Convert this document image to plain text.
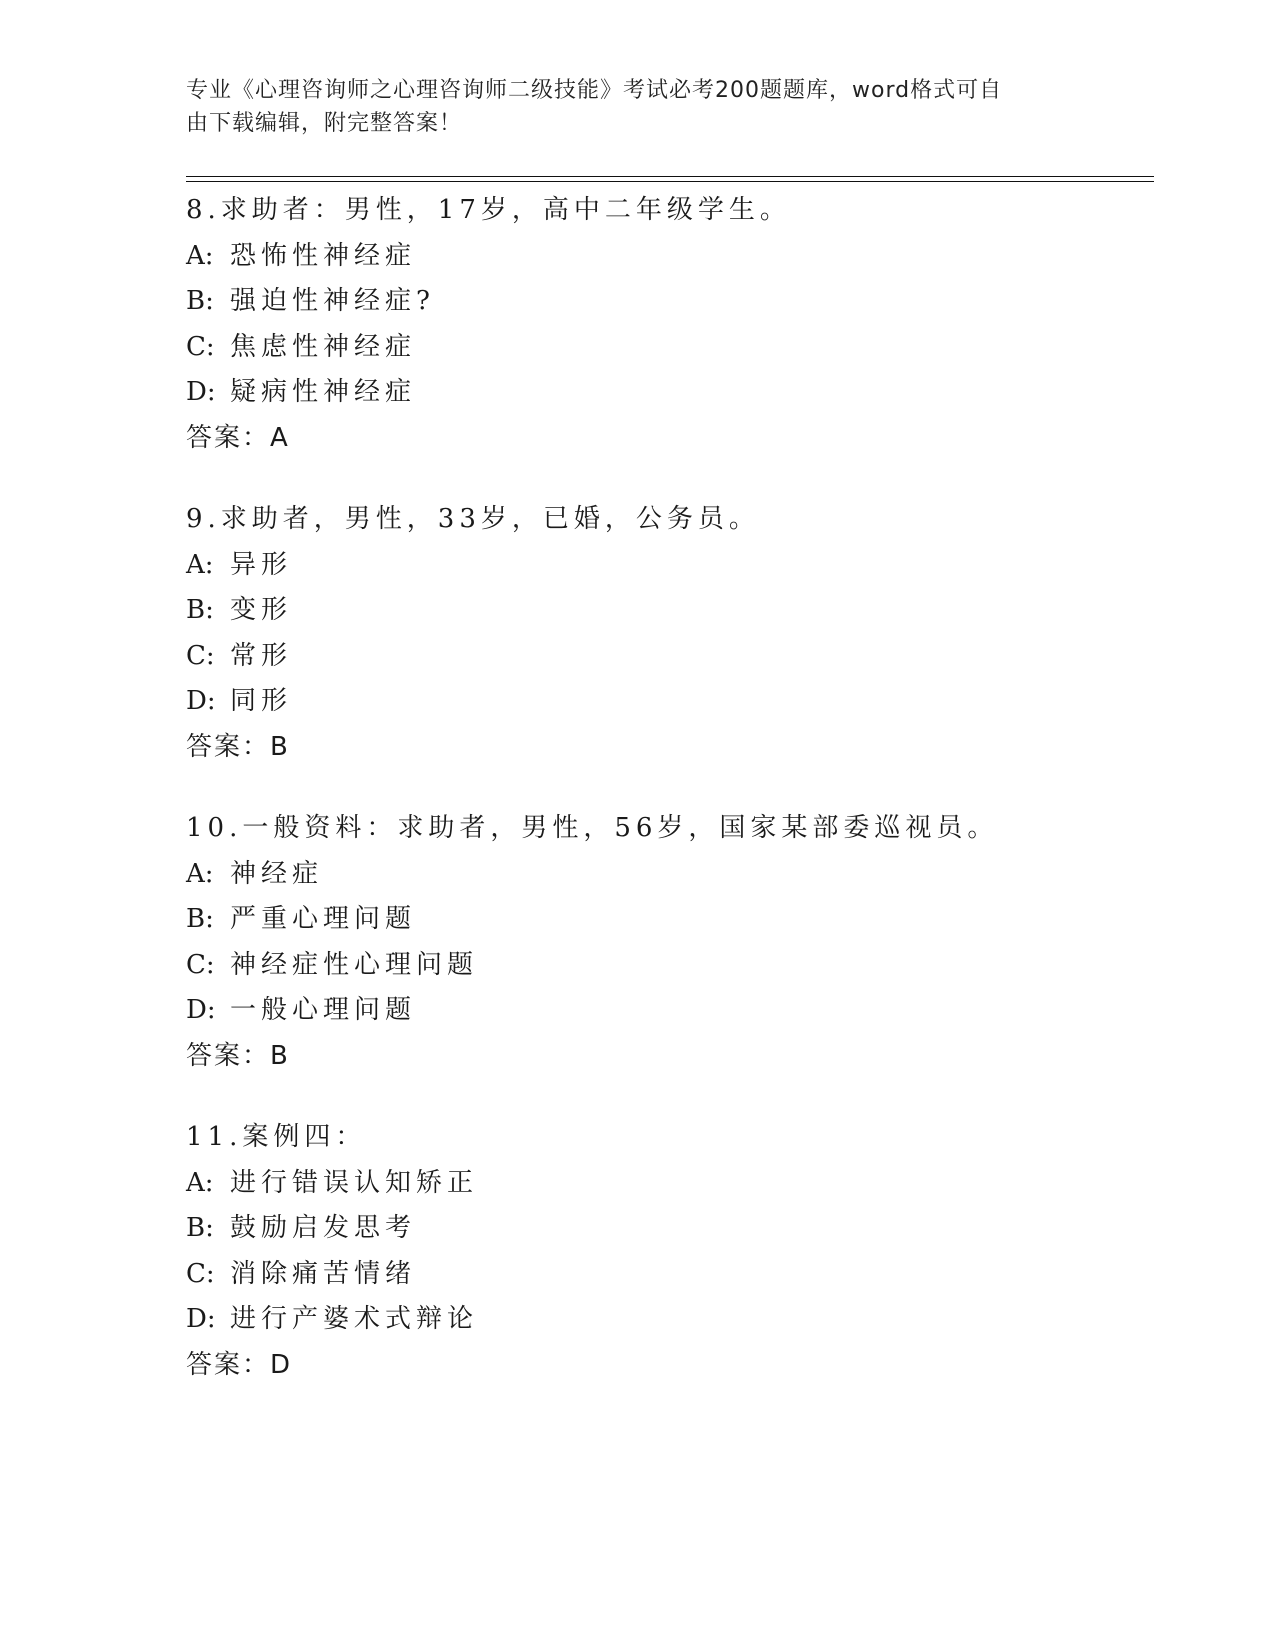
专业《心理咨询师之心理咨询师二级技能》考试必考200题题库，word格式可自
由下载编辑，附完整答案！
8.求助者：男性，17岁，高中二年级学生。
A: 恐怖性神经症
B: 强迫性神经症?
C: 焦虑性神经症
D: 疑病性神经症
答案：A
9.求助者，男性，33岁，已婚，公务员。
A: 异形
B: 变形
C: 常形
D: 同形
答案：B
10.一般资料：求助者，男性，56岁，国家某部委巡视员。
A: 神经症
B: 严重心理问题
C: 神经症性心理问题
D: 一般心理问题
答案：B
11.案例四：
A: 进行错误认知矫正
B: 鼓励启发思考
C: 消除痛苦情绪
D: 进行产婆术式辩论
答案：D
